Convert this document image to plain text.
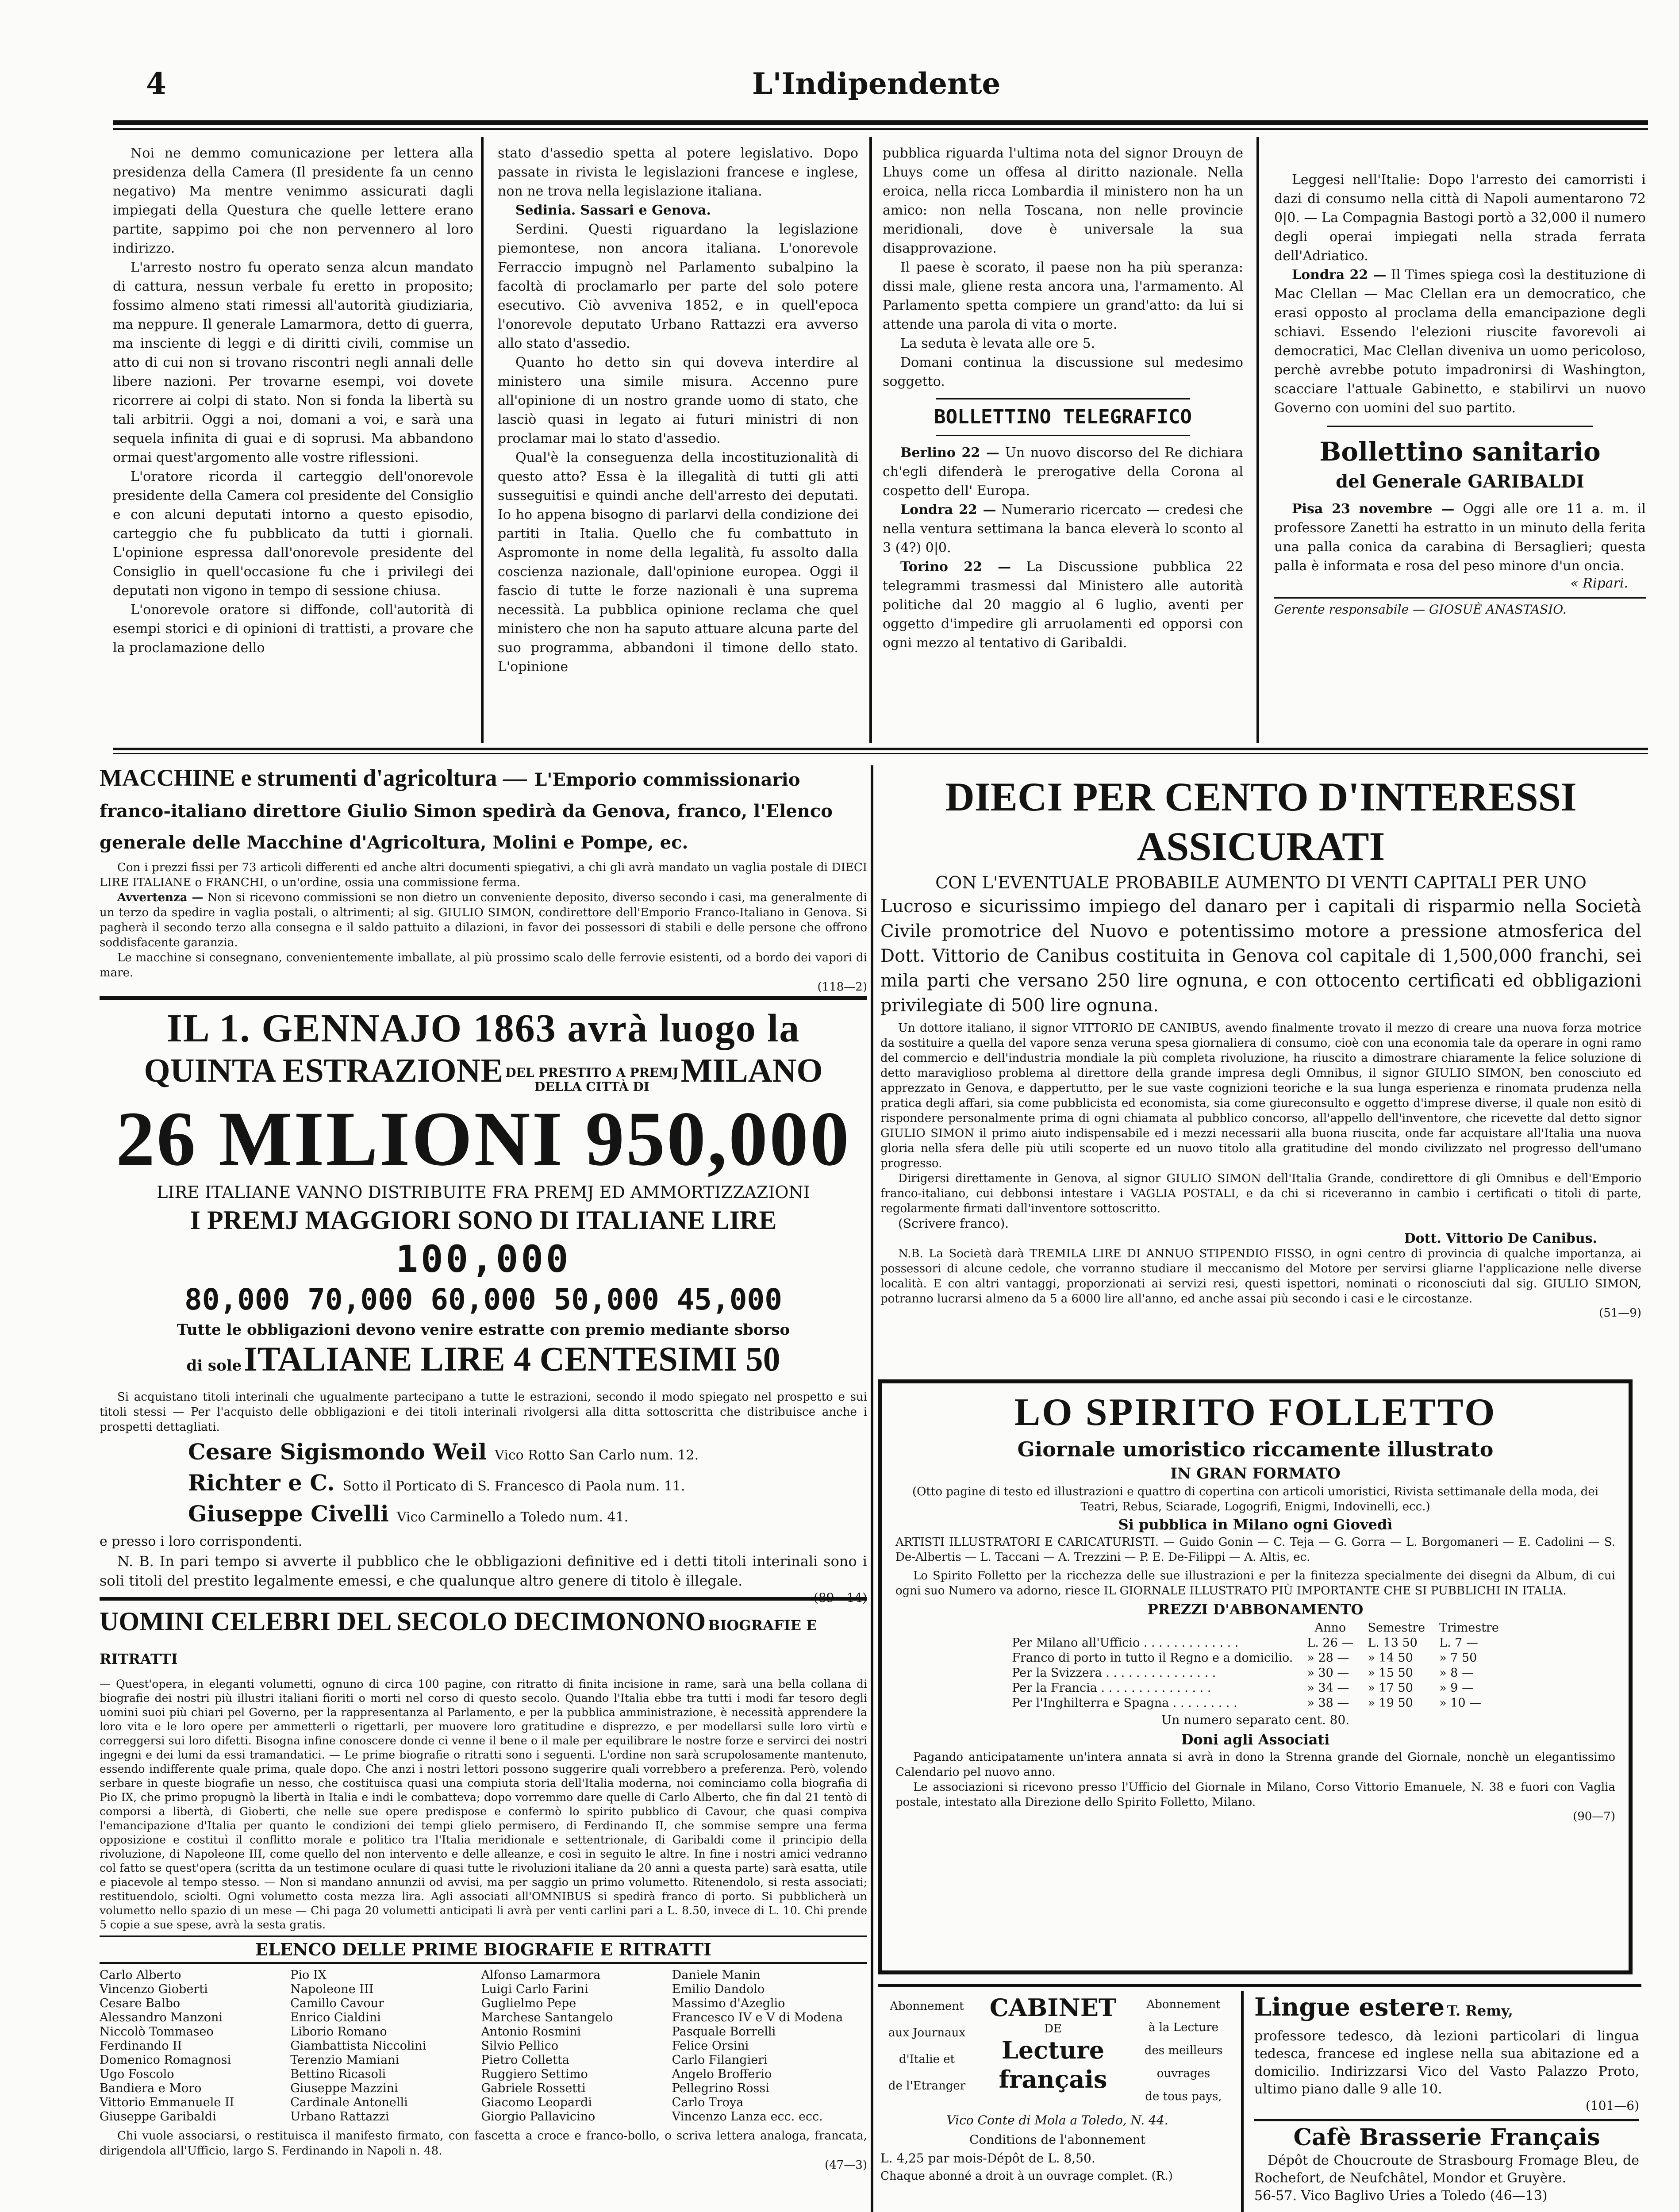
4	L'Indipendente

Noi ne demmo comunicazione per lettera alla presidenza della Camera (Il presidente fa un cenno negativo) Ma mentre venimmo assicurati dagli impiegati della Questura che quelle lettere erano partite, sappimo poi che non pervennero al loro indirizzo.

L'arresto nostro fu operato senza alcun mandato di cattura, nessun verbale fu eretto in proposito; fossimo almeno stati rimessi all'autorità giudiziaria, ma neppure. Il generale Lamarmora, detto di guerra, ma insciente di leggi e di diritti civili, commise un atto di cui non si trovano riscontri negli annali delle libere nazioni. Per trovarne esempi, voi dovete ricorrere ai colpi di stato. Non si fonda la libertà su tali arbitrii. Oggi a noi, domani a voi, e sarà una sequela infinita di guai e di soprusi. Ma abbandono ormai quest'argomento alle vostre riflessioni.

L'oratore ricorda il carteggio dell'onorevole presidente della Camera col presidente del Consiglio e con alcuni deputati intorno a questo episodio, carteggio che fu pubblicato da tutti i giornali. L'opinione espressa dall'onorevole presidente del Consiglio in quell'occasione fu che i privilegi dei deputati non vigono in tempo di sessione chiusa.

L'onorevole oratore si diffonde, coll'autorità di esempi storici e di opinioni di trattisti, a provare che la proclamazione dello

stato d'assedio spetta al potere legislativo. Dopo passate in rivista le legislazioni francese e inglese, non ne trova nella legislazione italiana.

Sedinia. Sassari e Genova.

Serdini. Questi riguardano la legislazione piemontese, non ancora italiana. L'onorevole Ferraccio impugnò nel Parlamento subalpino la facoltà di proclamarlo per parte del solo potere esecutivo. Ciò avveniva 1852, e in quell'epoca l'onorevole deputato Urbano Rattazzi era avverso allo stato d'assedio.

Quanto ho detto sin qui doveva interdire al ministero una simile misura. Accenno pure all'opinione di un nostro grande uomo di stato, che lasciò quasi in legato ai futuri ministri di non proclamar mai lo stato d'assedio.

Qual'è la conseguenza della incostituzionalità di questo atto? Essa è la illegalità di tutti gli atti susseguitisi e quindi anche dell'arresto dei deputati. Io ho appena bisogno di parlarvi della condizione dei partiti in Italia. Quello che fu combattuto in Aspromonte in nome della legalità, fu assolto dalla coscienza nazionale, dall'opinione europea. Oggi il fascio di tutte le forze nazionali è una suprema necessità. La pubblica opinione reclama che quel ministero che non ha saputo attuare alcuna parte del suo programma, abbandoni il timone dello stato. L'opinione

pubblica riguarda l'ultima nota del signor Drouyn de Lhuys come un offesa al diritto nazionale. Nella eroica, nella ricca Lombardia il ministero non ha un amico: non nella Toscana, non nelle provincie meridionali, dove è universale la sua disapprovazione.

Il paese è scorato, il paese non ha più speranza: dissi male, gliene resta ancora una, l'armamento. Al Parlamento spetta compiere un grand'atto: da lui si attende una parola di vita o morte.

La seduta è levata alle ore 5.

Domani continua la discussione sul medesimo soggetto.

BOLLETTINO TELEGRAFICO

Berlino 22 — Un nuovo discorso del Re dichiara ch'egli difenderà le prerogative della Corona al cospetto dell' Europa.

Londra 22 — Numerario ricercato — credesi che nella ventura settimana la banca eleverà lo sconto al 3 (4?) 0|0.

Torino 22 — La Discussione pubblica 22 telegrammi trasmessi dal Ministero alle autorità politiche dal 20 maggio al 6 luglio, aventi per oggetto d'impedire gli arruolamenti ed opporsi con ogni mezzo al tentativo di Garibaldi.

Leggesi nell'Italie: Dopo l'arresto dei camorristi i dazi di consumo nella città di Napoli aumentarono 72 0|0. — La Compagnia Bastogi portò a 32,000 il numero degli operai impiegati nella strada ferrata dell'Adriatico.

Londra 22 — Il Times spiega così la destituzione di Mac Clellan — Mac Clellan era un democratico, che erasi opposto al proclama della emancipazione degli schiavi. Essendo l'elezioni riuscite favorevoli ai democratici, Mac Clellan diveniva un uomo pericoloso, perchè avrebbe potuto impadronirsi di Washington, scacciare l'attuale Gabinetto, e stabilirvi un nuovo Governo con uomini del suo partito.

Bollettino sanitario
del Generale GARIBALDI

Pisa 23 novembre — Oggi alle ore 11 a. m. il professore Zanetti ha estratto in un minuto della ferita una palla conica da carabina di Bersaglieri; questa palla è informata e rosa del peso minore d'un oncia.

« Ripari.
Gerente responsabile — GIOSUÈ ANASTASIO.
MACCHINE e strumenti d'agricoltura — L'Emporio commissionario franco-italiano direttore Giulio Simon spedirà da Genova, franco, l'Elenco generale delle Macchine d'Agricoltura, Molini e Pompe, ec.

Con i prezzi fissi per 73 articoli differenti ed anche altri documenti spiegativi, a chi gli avrà mandato un vaglia postale di DIECI LIRE ITALIANE o FRANCHI, o un'ordine, ossia una commissione ferma.

Avvertenza — Non si ricevono commissioni se non dietro un conveniente deposito, diverso secondo i casi, ma generalmente di un terzo da spedire in vaglia postali, o altrimenti; al sig. GIULIO SIMON, condirettore dell'Emporio Franco-Italiano in Genova. Si pagherà il secondo terzo alla consegna e il saldo pattuito a dilazioni, in favor dei possessori di stabili e delle persone che offrono soddisfacente garanzia.

Le macchine si consegnano, convenientemente imballate, al più prossimo scalo delle ferrovie esistenti, od a bordo dei vapori di mare.

(118—2)
IL 1. GENNAJO 1863 avrà luogo la
QUINTA ESTRAZIONE DEL PRESTITO A PREMJ
DELLA CITTÀ DI MILANO
26 MILIONI 950,000
LIRE ITALIANE VANNO DISTRIBUITE FRA PREMJ ED AMMORTIZZAZIONI
I PREMJ MAGGIORI SONO DI ITALIANE LIRE
100,000
80,000 70,000 60,000 50,000 45,000
Tutte le obbligazioni devono venire estratte con premio mediante sborso
di sole ITALIANE LIRE 4 CENTESIMI 50

Si acquistano titoli interinali che ugualmente partecipano a tutte le estrazioni, secondo il modo spiegato nel prospetto e sui titoli stessi — Per l'acquisto delle obbligazioni e dei titoli interinali rivolgersi alla ditta sottoscritta che distribuisce anche i prospetti dettagliati.

Cesare Sigismondo Weil Vico Rotto San Carlo num. 12.
Richter e C. Sotto il Porticato di S. Francesco di Paola num. 11.
Giuseppe Civelli Vico Carminello a Toledo num. 41.
e presso i loro corrispondenti.

N. B. In pari tempo si avverte il pubblico che le obbligazioni definitive ed i detti titoli interinali sono i soli titoli del prestito legalmente emessi, e che qualunque altro genere di titolo è illegale.

UOMINI CELEBRI DEL SECOLO DECIMONONO BIOGRAFIE E RITRATTI

— Quest'opera, in eleganti volumetti, ognuno di circa 100 pagine, con ritratto di finita incisione in rame, sarà una bella collana di biografie dei nostri più illustri italiani fioriti o morti nel corso di questo secolo. Quando l'Italia ebbe tra tutti i modi far tesoro degli uomini suoi più chiari pel Governo, per la rappresentanza al Parlamento, e per la pubblica amministrazione, è necessità apprendere la loro vita e le loro opere per ammetterli o rigettarli, per muovere loro gratitudine e disprezzo, e per modellarsi sulle loro virtù e correggersi sui loro difetti. Bisogna infine conoscere donde ci venne il bene o il male per equilibrare le nostre forze e servirci dei nostri ingegni e dei lumi da essi tramandatici. — Le prime biografie o ritratti sono i seguenti. L'ordine non sarà scrupolosamente mantenuto, essendo indifferente quale prima, quale dopo. Che anzi i nostri lettori possono suggerire quali vorrebbero a preferenza. Però, volendo serbare in queste biografie un nesso, che costituisca quasi una compiuta storia dell'Italia moderna, noi cominciamo colla biografia di Pio IX, che primo propugnò la libertà in Italia e indi le combatteva; dopo vorremmo dare quelle di Carlo Alberto, che fin dal 21 tentò di comporsi a libertà, di Gioberti, che nelle sue opere predispose e confermò lo spirito pubblico di Cavour, che quasi compiva l'emancipazione d'Italia per quanto le condizioni dei tempi glielo permisero, di Ferdinando II, che sommise sempre una ferma opposizione e costituì il conflitto morale e politico tra l'Italia meridionale e settentrionale, di Garibaldi come il principio della rivoluzione, di Napoleone III, come quello del non intervento e delle alleanze, e così in seguito le altre. In fine i nostri amici vedranno col fatto se quest'opera (scritta da un testimone oculare di quasi tutte le rivoluzioni italiane da 20 anni a questa parte) sarà esatta, utile e piacevole al tempo stesso. — Non si mandano annunzii od avvisi, ma per saggio un primo volumetto. Ritenendolo, si resta associati; restituendolo, sciolti. Ogni volumetto costa mezza lira. Agli associati all'OMNIBUS si spedirà franco di porto. Si pubblicherà un volumetto nello spazio di un mese — Chi paga 20 volumetti anticipati li avrà per venti carlini pari a L. 8.50, invece di L. 10. Chi prende 5 copie a sue spese, avrà la sesta gratis.

ELENCO DELLE PRIME BIOGRAFIE E RITRATTI
Carlo Alberto
Vincenzo Gioberti
Cesare Balbo
Alessandro Manzoni
Niccolò Tommaseo
Ferdinando II
Domenico Romagnosi
Ugo Foscolo
Bandiera e Moro
Vittorio Emmanuele II
Giuseppe Garibaldi
Pio IX
Napoleone III
Camillo Cavour
Enrico Cialdini
Liborio Romano
Giambattista Niccolini
Terenzio Mamiani
Bettino Ricasoli
Giuseppe Mazzini
Cardinale Antonelli
Urbano Rattazzi
Alfonso Lamarmora
Luigi Carlo Farini
Guglielmo Pepe
Marchese Santangelo
Antonio Rosmini
Silvio Pellico
Pietro Colletta
Ruggiero Settimo
Gabriele Rossetti
Giacomo Leopardi
Giorgio Pallavicino
Daniele Manin
Emilio Dandolo
Massimo d'Azeglio
Francesco IV e V di Modena
Pasquale Borrelli
Felice Orsini
Carlo Filangieri
Angelo Brofferio
Pellegrino Rossi
Carlo Troya
Vincenzo Lanza ecc. ecc.

Chi vuole associarsi, o restituisca il manifesto firmato, con fascetta a croce e franco-bollo, o scriva lettera analoga, francata, dirigendola all'Ufficio, largo S. Ferdinando in Napoli n. 48.

(47—3)
DIECI PER CENTO D'INTERESSI ASSICURATI
CON L'EVENTUALE PROBABILE AUMENTO DI VENTI CAPITALI PER UNO

Lucroso e sicurissimo impiego del danaro per i capitali di risparmio nella Società Civile promotrice del Nuovo e potentissimo motore a pressione atmosferica del Dott. Vittorio de Canibus costituita in Genova col capitale di 1,500,000 franchi, sei mila parti che versano 250 lire ognuna, e con ottocento certificati ed obbligazioni privilegiate di 500 lire ognuna.

Un dottore italiano, il signor VITTORIO DE CANIBUS, avendo finalmente trovato il mezzo di creare una nuova forza motrice da sostituire a quella del vapore senza veruna spesa giornaliera di consumo, cioè con una economia tale da operare in ogni ramo del commercio e dell'industria mondiale la più completa rivoluzione, ha riuscito a dimostrare chiaramente la felice soluzione di detto maraviglioso problema al direttore della grande impresa degli Omnibus, il signor GIULIO SIMON, ben conosciuto ed apprezzato in Genova, e dappertutto, per le sue vaste cognizioni teoriche e la sua lunga esperienza e rinomata prudenza nella pratica degli affari, sia come pubblicista ed economista, sia come giureconsulto e oggetto d'imprese diverse, il quale non esitò di rispondere personalmente prima di ogni chiamata al pubblico concorso, all'appello dell'inventore, che ricevette dal detto signor GIULIO SIMON il primo aiuto indispensabile ed i mezzi necessarii alla buona riuscita, onde far acquistare all'Italia una nuova gloria nella sfera delle più utili scoperte ed un nuovo titolo alla gratitudine del mondo civilizzato nel progresso dell'umano progresso.

Dirigersi direttamente in Genova, al signor GIULIO SIMON dell'Italia Grande, condirettore di gli Omnibus e dell'Emporio franco-italiano, cui debbonsi intestare i VAGLIA POSTALI, e da chi si riceveranno in cambio i certificati o titoli di parte, regolarmente firmati dall'inventore sottoscritto.

(Scrivere franco).
Dott. Vittorio De Canibus.

N.B. La Società darà TREMILA LIRE DI ANNUO STIPENDIO FISSO, in ogni centro di provincia di qualche importanza, ai possessori di alcune cedole, che vorranno studiare il meccanismo del Motore per servirsi gliarne l'applicazione nelle diverse località. E con altri vantaggi, proporzionati ai servizi resi, questi ispettori, nominati o riconosciuti dal sig. GIULIO SIMON, potranno lucrarsi almeno da 5 a 6000 lire all'anno, ed anche assai più secondo i casi e le circostanze.

(51—9)
LO SPIRITO FOLLETTO
Giornale umoristico riccamente illustrato
IN GRAN FORMATO

(Otto pagine di testo ed illustrazioni e quattro di copertina con articoli umoristici, Rivista settimanale della moda, dei Teatri, Rebus, Sciarade, Logogrifi, Enigmi, Indovinelli, ecc.)

Si pubblica in Milano ogni Giovedì

ARTISTI ILLUSTRATORI E CARICATURISTI. — Guido Gonin — C. Teja — G. Gorra — L. Borgomaneri — E. Cadolini — S. De-Albertis — L. Taccani — A. Trezzini — P. E. De-Filippi — A. Altis, ec.

Lo Spirito Folletto per la ricchezza delle sue illustrazioni e per la finitezza specialmente dei disegni da Album, di cui ogni suo Numero va adorno, riesce IL GIORNALE ILLUSTRATO PIÙ IMPORTANTE CHE SI PUBBLICHI IN ITALIA.

PREZZI D'ABBONAMENTO
	Anno	Semestre	Trimestre
Per Milano all'Ufficio . . . . . . . . . . . . .	L. 26 —	L. 13 50	L. 7 —
Franco di porto in tutto il Regno e a domicilio.	» 28 —	» 14 50	» 7 50
Per la Svizzera . . . . . . . . . . . . . . .	» 30 —	» 15 50	» 8 —
Per la Francia . . . . . . . . . . . . . . .	» 34 —	» 17 50	» 9 —
Per l'Inghilterra e Spagna . . . . . . . . .	» 38 —	» 19 50	» 10 —
Un numero separato cent. 80.
Doni agli Associati

Pagando anticipatamente un'intera annata si avrà in dono la Strenna grande del Giornale, nonchè un elegantissimo Calendario pel nuovo anno.

Le associazioni si ricevono presso l'Ufficio del Giornale in Milano, Corso Vittorio Emanuele, N. 38 e fuori con Vaglia postale, intestato alla Direzione dello Spirito Folletto, Milano.

(90—7)
Abonnement
aux Journaux
d'Italie et
de l'Etranger
CABINET
DE
Lecture
français
Abonnement
à la Lecture
des meilleurs
ouvrages
de tous pays,
Vico Conte di Mola a Toledo, N. 44.
Conditions de l'abonnement
L. 4,25 par mois-Dépôt de L. 8,50.
Chaque abonné a droit à un ouvrage complet. (R.)
Lingue estere T. Remy,

professore tedesco, dà lezioni particolari di lingua tedesca, francese ed inglese nella sua abitazione ed a domicilio. Indirizzarsi Vico del Vasto Palazzo Proto, ultimo piano dalle 9 alle 10.

(101—6)
Cafè Brasserie Français

Dépôt de Choucroute de Strasbourg Fromage Bleu, de Rochefort, de Neufchâtel, Mondor et Gruyère.

56-57. Vico Baglivo Uries a Toledo (46—13)
